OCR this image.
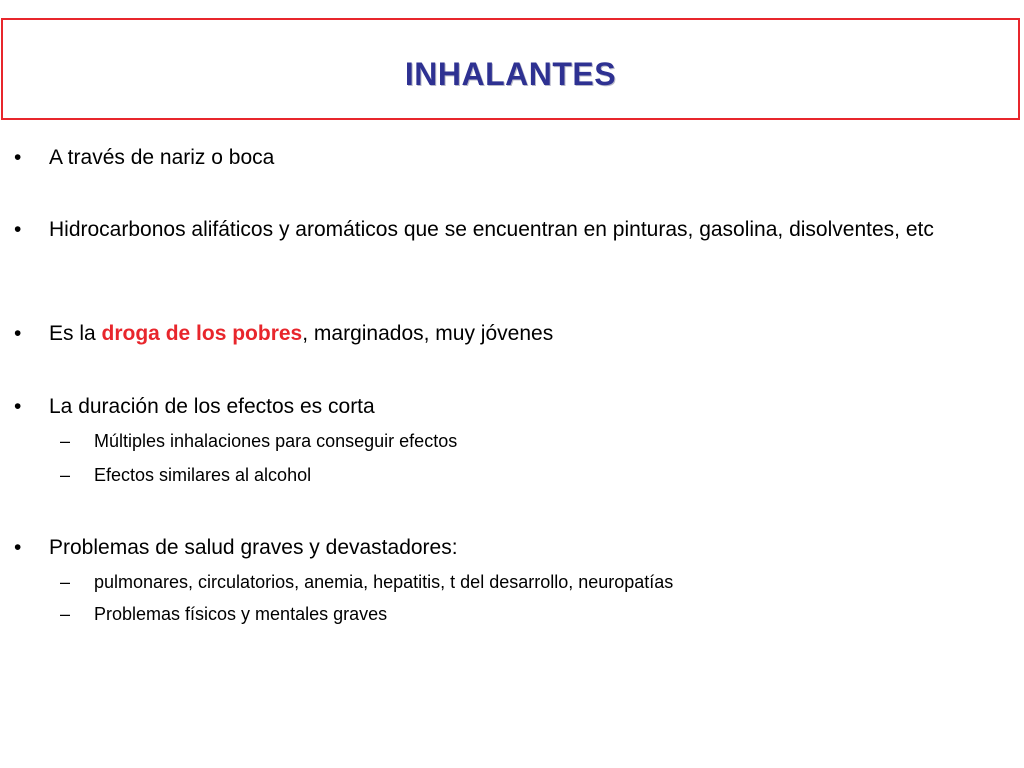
INHALANTES
•	A través de nariz o boca
•	Hidrocarbonos alifáticos y aromáticos que se encuentran en pinturas, gasolina, disolventes, etc
•	Es la droga de los pobres, marginados, muy jóvenes
•	La duración de los efectos es corta
– Múltiples inhalaciones para conseguir efectos
– Efectos similares al alcohol
•	Problemas de salud graves y devastadores:
– pulmonares, circulatorios, anemia, hepatitis, t del desarrollo, neuropatías
– Problemas físicos y mentales graves
